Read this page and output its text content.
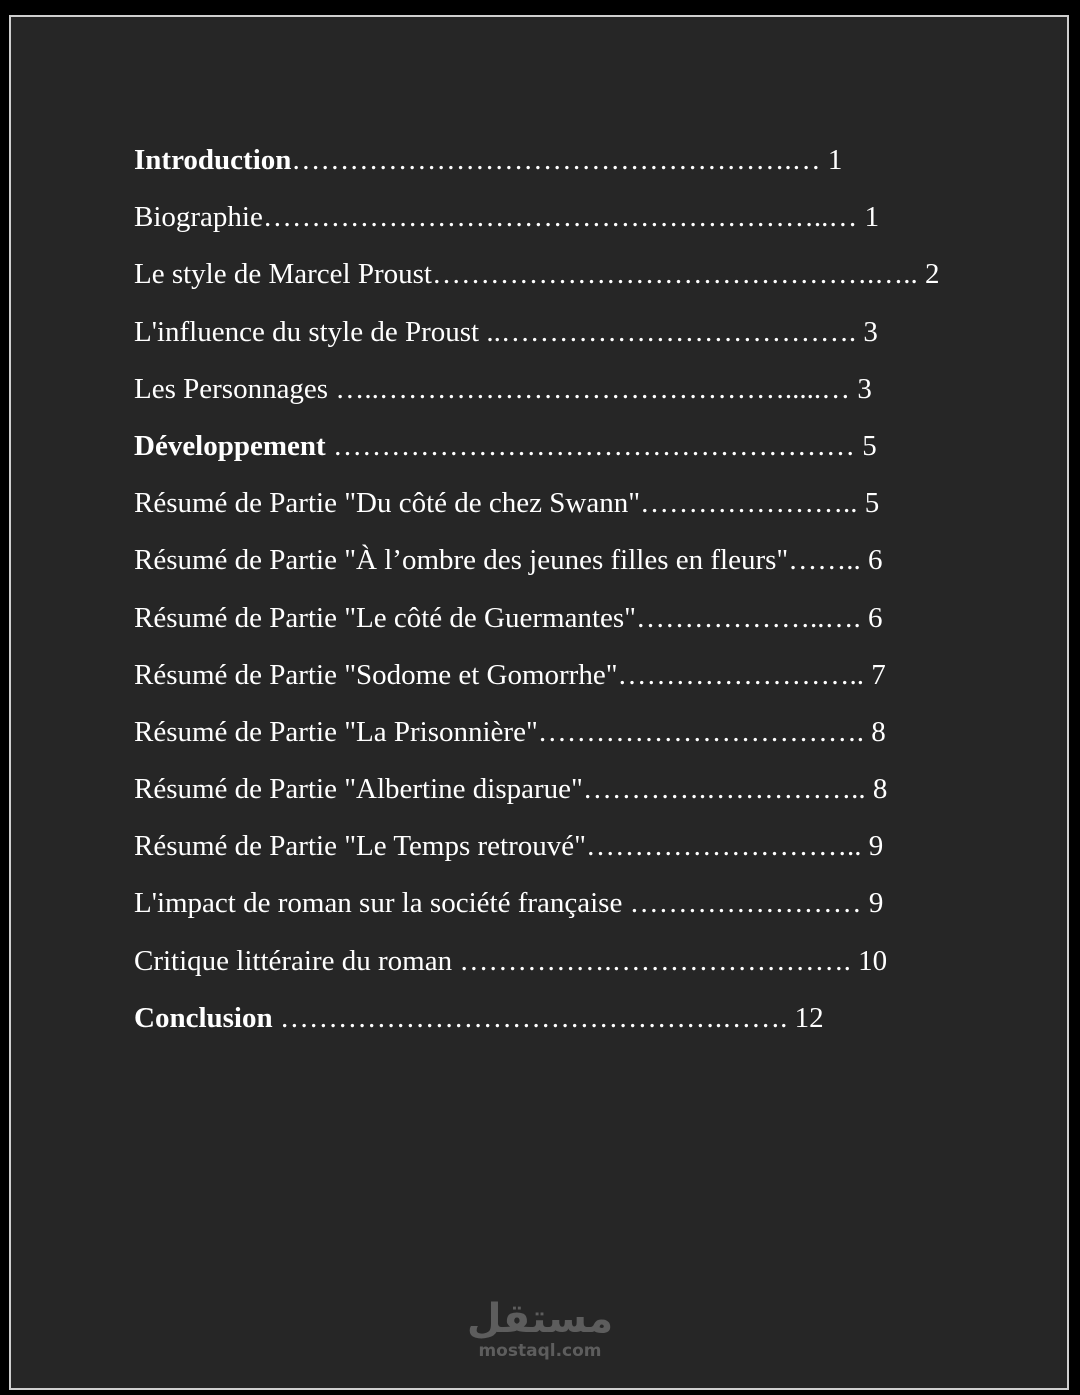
Introduction…………………………………………….… 1
Biographie…………………………………………………..… 1
Le style de Marcel Proust……………………………………….….. 2
L'influence du style de Proust ..………………………………. 3
Les Personnages …..…………………………………….....… 3
Développement ……………………………………………… 5
Résumé de Partie "Du côté de chez Swann"………………….. 5
Résumé de Partie "À l’ombre des jeunes filles en fleurs"…….. 6
Résumé de Partie "Le côté de Guermantes"………………..…. 6
Résumé de Partie "Sodome et Gomorrhe"…………………….. 7
Résumé de Partie "La Prisonnière"……………………………. 8
Résumé de Partie "Albertine disparue"………….…………….. 8
Résumé de Partie "Le Temps retrouvé"……………………….. 9
L'impact de roman sur la société française …………………… 9
Critique littéraire du roman …………….……………………. 10
Conclusion ……………………………………….……. 12
مستقل
mostaql.com
